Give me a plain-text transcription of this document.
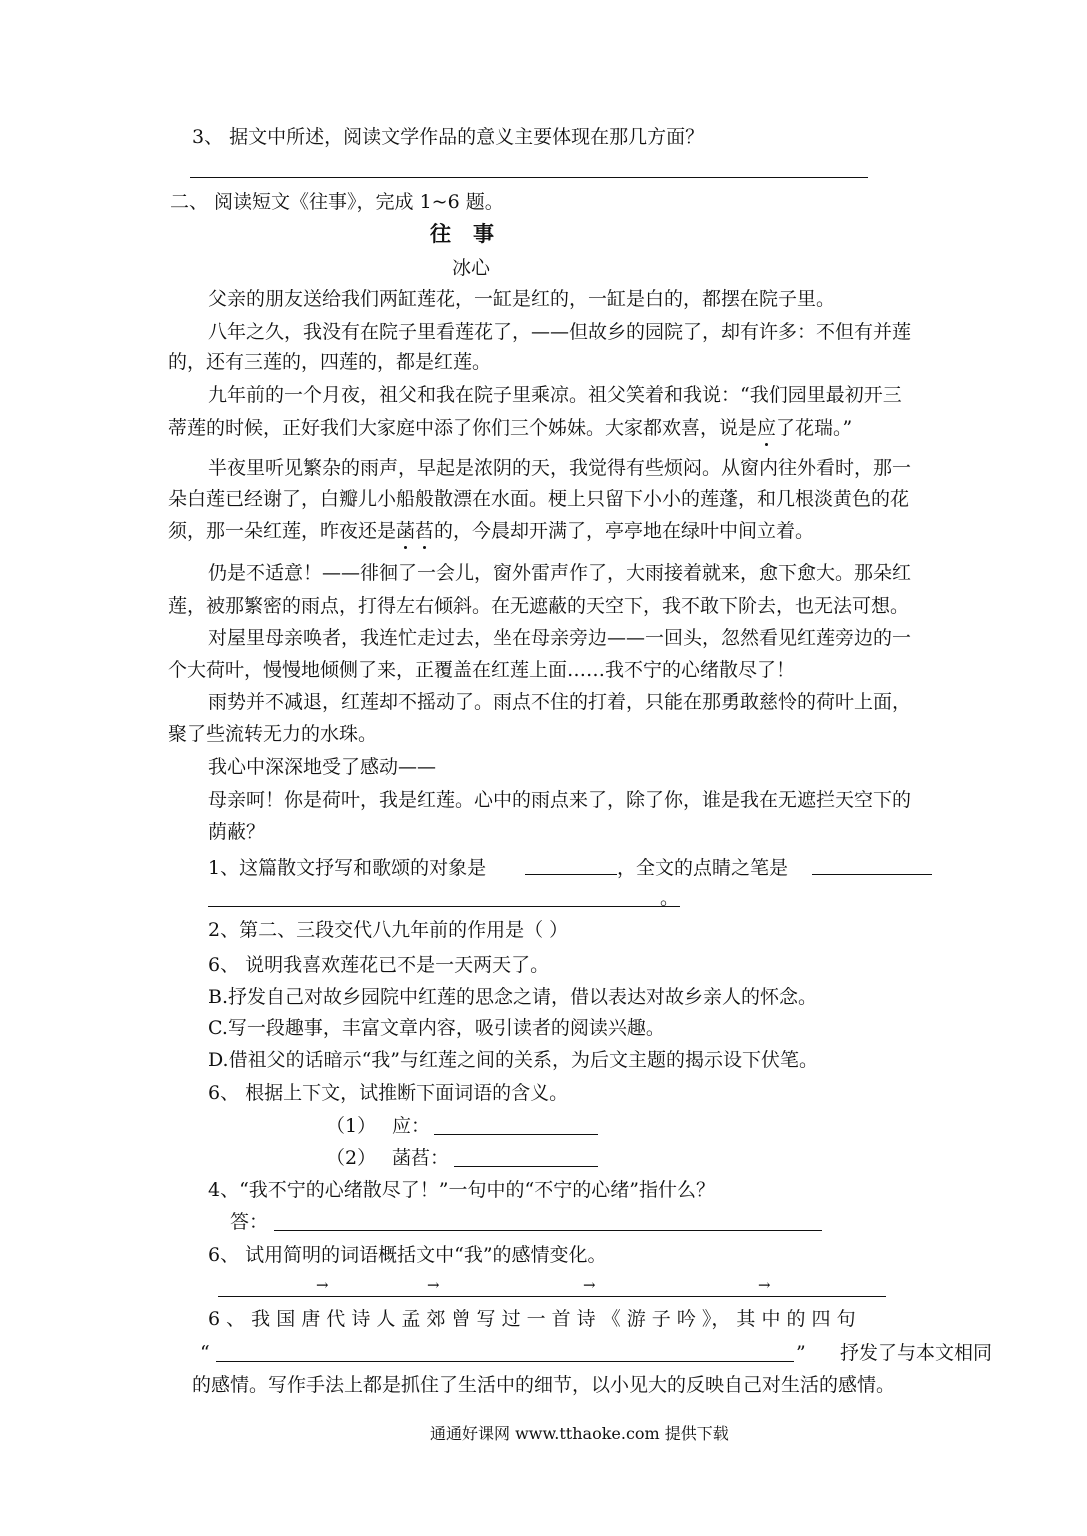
3、 据文中所述，阅读文学作品的意义主要体现在那几方面？
二、 阅读短文《往事》，完成 1~6 题。
往事
冰心
父亲的朋友送给我们两缸莲花，一缸是红的，一缸是白的，都摆在院子里。
八年之久，我没有在院子里看莲花了，——但故乡的园院了，却有许多：不但有并莲
的，还有三莲的，四莲的，都是红莲。
九年前的一个月夜，祖父和我在院子里乘凉。祖父笑着和我说：“我们园里最初开三
蒂莲的时候，正好我们大家庭中添了你们三个姊妹。大家都欢喜，说是应了花瑞。”
半夜里听见繁杂的雨声，早起是浓阴的天，我觉得有些烦闷。从窗内往外看时，那一
朵白莲已经谢了，白瓣儿小船般散漂在水面。梗上只留下小小的莲蓬，和几根淡黄色的花
须，那一朵红莲，昨夜还是菡萏的，今晨却开满了，亭亭地在绿叶中间立着。
仍是不适意！——徘徊了一会儿，窗外雷声作了，大雨接着就来，愈下愈大。那朵红
莲，被那繁密的雨点，打得左右倾斜。在无遮蔽的天空下，我不敢下阶去，也无法可想。
对屋里母亲唤者，我连忙走过去，坐在母亲旁边——一回头，忽然看见红莲旁边的一
个大荷叶，慢慢地倾侧了来，正覆盖在红莲上面……我不宁的心绪散尽了！
雨势并不减退，红莲却不摇动了。雨点不住的打着，只能在那勇敢慈怜的荷叶上面，
聚了些流转无力的水珠。
我心中深深地受了感动——
母亲呵！你是荷叶，我是红莲。心中的雨点来了，除了你，谁是我在无遮拦天空下的
荫蔽？
1、这篇散文抒写和歌颂的对象是	，全文的点睛之笔是
。
2、第二、三段交代八九年前的作用是（ ）
6、 说明我喜欢莲花已不是一天两天了。
B.抒发自己对故乡园院中红莲的思念之请，借以表达对故乡亲人的怀念。
C.写一段趣事，丰富文章内容，吸引读者的阅读兴趣。
D.借祖父的话暗示“我”与红莲之间的关系，为后文主题的揭示设下伏笔。
6、 根据上下文，试推断下面词语的含义。
（1） 应：
（2） 菡萏：
4、“我不宁的心绪散尽了！”一句中的“不宁的心绪”指什么？
答：
6、 试用简明的词语概括文中“我”的感情变化。
→	→	→	→
6 、 我 国 唐 代 诗 人 孟 郊 曾 写 过 一 首 诗 《 游 子 吟 》， 其 中 的 四 句
“	” 抒发了与本文相同
的感情。写作手法上都是抓住了生活中的细节，以小见大的反映自己对生活的感情。
通通好课网 www.tthaoke.com 提供下载
